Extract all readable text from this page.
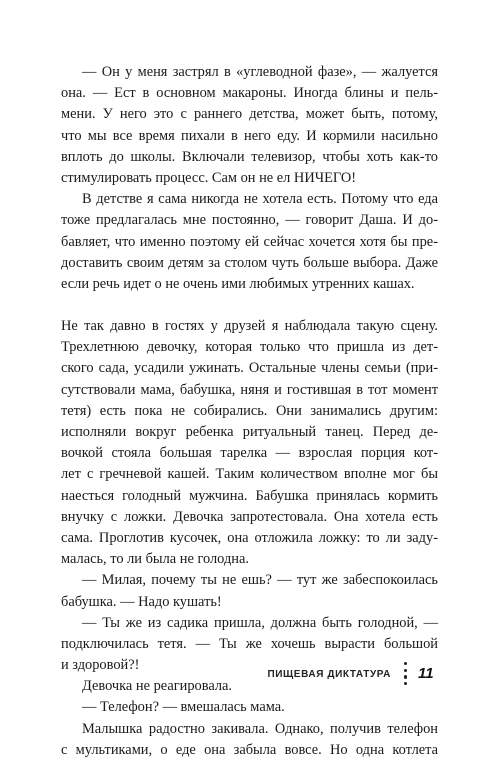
— Он у меня застрял в «углеводной фазе», — жалуется
она. — Ест в основном макароны. Иногда блины и пель-
мени. У него это с раннего детства, может быть, потому,
что мы все время пихали в него еду. И кормили насильно
вплоть до школы. Включали телевизор, чтобы хоть как-то
стимулировать процесс. Сам он не ел НИЧЕГО!
В детстве я сама никогда не хотела есть. Потому что еда
тоже предлагалась мне постоянно, — говорит Даша. И до-
бавляет, что именно поэтому ей сейчас хочется хотя бы пре-
доставить своим детям за столом чуть больше выбора. Даже
если речь идет о не очень ими любимых утренних кашах.
Не так давно в гостях у друзей я наблюдала такую сцену.
Трехлетнюю девочку, которая только что пришла из дет-
ского сада, усадили ужинать. Остальные члены семьи (при-
сутствовали мама, бабушка, няня и гостившая в тот момент
тетя) есть пока не собирались. Они занимались другим:
исполняли вокруг ребенка ритуальный танец. Перед де-
вочкой стояла большая тарелка — взрослая порция кот-
лет с гречневой кашей. Таким количеством вполне мог бы
наесться голодный мужчина. Бабушка принялась кормить
внучку с ложки. Девочка запротестовала. Она хотела есть
сама. Проглотив кусочек, она отложила ложку: то ли заду-
малась, то ли была не голодна.
— Милая, почему ты не ешь? — тут же забеспокоилась
бабушка. — Надо кушать!
— Ты же из садика пришла, должна быть голодной, —
подключилась тетя. — Ты же хочешь вырасти большой
и здоровой?!
Девочка не реагировала.
— Телефон? — вмешалась мама.
Малышка радостно закивала. Однако, получив телефон
с мультиками, о еде она забыла вовсе. Но одна котлета
ПИЩЕВАЯ ДИКТАТУРА 11
